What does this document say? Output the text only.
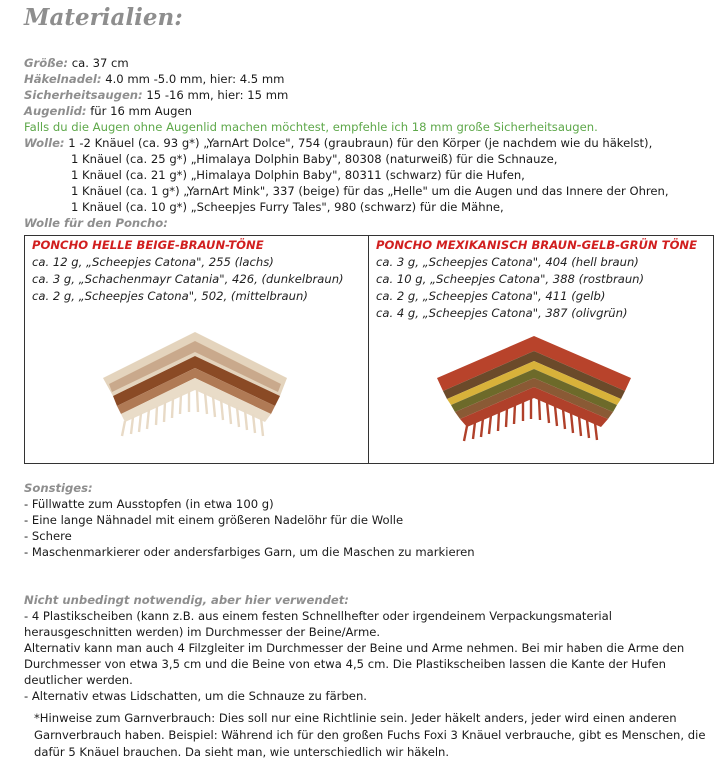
Materialien:
Größe: ca. 37 cm
Häkelnadel: 4.0 mm -5.0 mm, hier: 4.5 mm
Sicherheitsaugen: 15 -16 mm, hier: 15 mm
Augenlid: für 16 mm Augen
Falls du die Augen ohne Augenlid machen möchtest, empfehle ich 18 mm große Sicherheitsaugen.
Wolle: 1 -2 Knäuel (ca. 93 g*) „YarnArt Dolce", 754 (graubraun) für den Körper (je nachdem wie du häkelst),
1 Knäuel (ca. 25 g*) „Himalaya Dolphin Baby", 80308 (naturweiß) für die Schnauze,
1 Knäuel (ca. 21 g*) „Himalaya Dolphin Baby", 80311 (schwarz) für die Hufen,
1 Knäuel (ca. 1 g*) „YarnArt Mink", 337 (beige) für das „Helle" um die Augen und das Innere der Ohren,
1 Knäuel (ca. 10 g*) „Scheepjes Furry Tales", 980 (schwarz) für die Mähne,
Wolle für den Poncho:
PONCHO HELLE BEIGE-BRAUN-TÖNE
ca. 12 g, „Scheepjes Catona", 255 (lachs)
ca. 3 g, „Schachenmayr Catania", 426, (dunkelbraun)
ca. 2 g, „Scheepjes Catona", 502, (mittelbraun)
PONCHO MEXIKANISCH BRAUN-GELB-GRÜN TÖNE
ca. 3 g, „Scheepjes Catona", 404 (hell braun)
ca. 10 g, „Scheepjes Catona", 388 (rostbraun)
ca. 2 g, „Scheepjes Catona", 411 (gelb)
ca. 4 g, „Scheepjes Catona", 387 (olivgrün)
Sonstiges:
- Füllwatte zum Ausstopfen (in etwa 100 g)
- Eine lange Nähnadel mit einem größeren Nadelöhr für die Wolle
- Schere
- Maschenmarkierer oder andersfarbiges Garn, um die Maschen zu markieren
Nicht unbedingt notwendig, aber hier verwendet:
- 4 Plastikscheiben (kann z.B. aus einem festen Schnellhefter oder irgendeinem Verpackungsmaterial
herausgeschnitten werden) im Durchmesser der Beine/Arme.
Alternativ kann man auch 4 Filzgleiter im Durchmesser der Beine und Arme nehmen. Bei mir haben die Arme den
Durchmesser von etwa 3,5 cm und die Beine von etwa 4,5 cm. Die Plastikscheiben lassen die Kante der Hufen
deutlicher werden.
- Alternativ etwas Lidschatten, um die Schnauze zu färben.
*Hinweise zum Garnverbrauch: Dies soll nur eine Richtlinie sein. Jeder häkelt anders, jeder wird einen anderen Garnverbrauch haben. Beispiel: Während ich für den großen Fuchs Foxi 3 Knäuel verbrauche, gibt es Menschen, die dafür 5 Knäuel brauchen. Da sieht man, wie unterschiedlich wir häkeln.
